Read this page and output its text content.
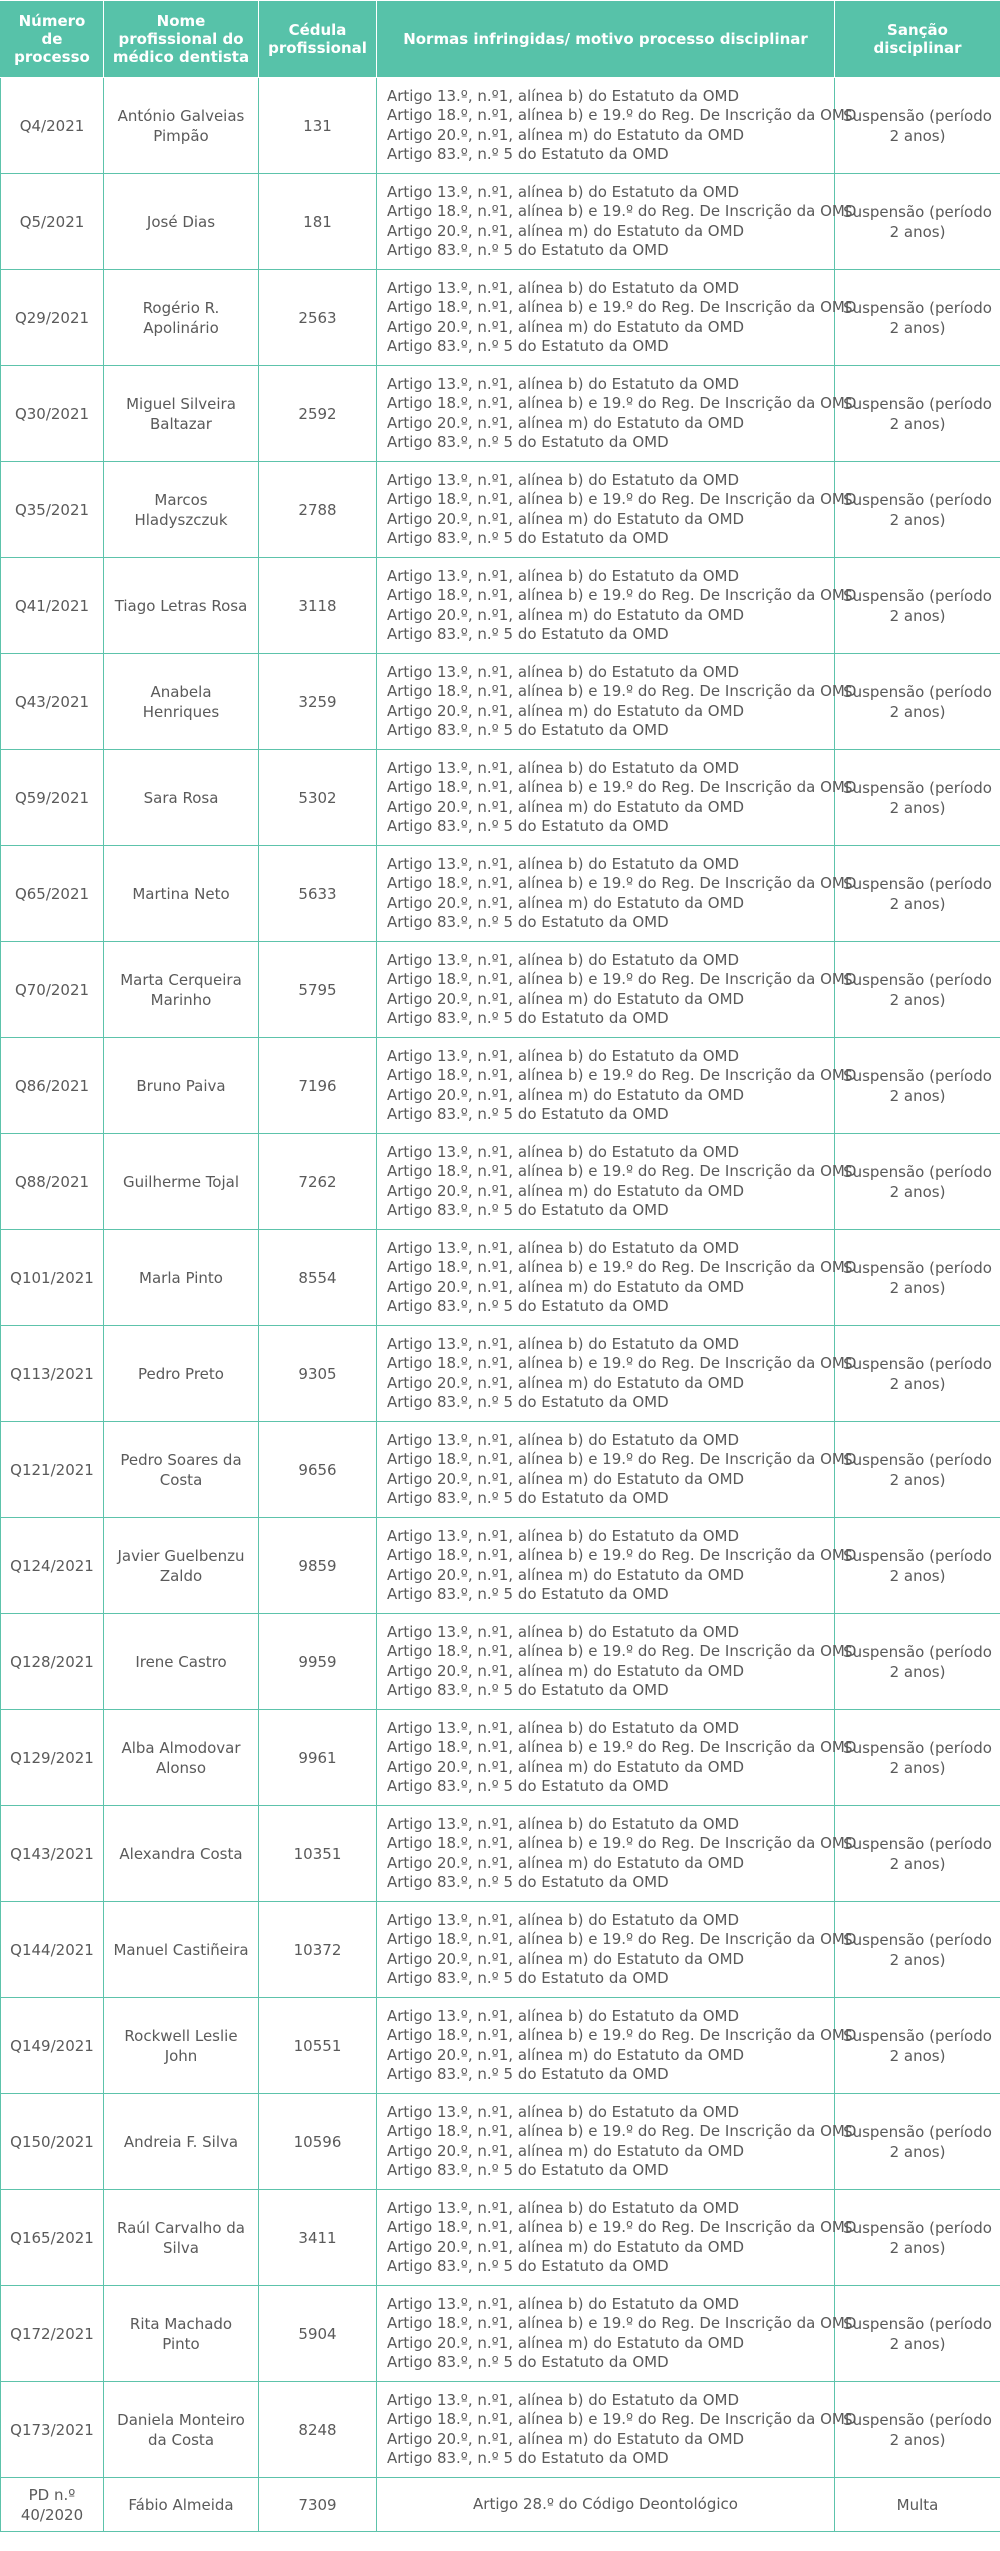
Número de processo	Nome profissional do médico dentista	Cédula profissional	Normas infringidas/ motivo processo disciplinar	Sanção disciplinar
Q4/2021	António Galveias Pimpão	131	Artigo 13.º, n.º1, alínea b) do Estatuto da OMD
Artigo 18.º, n.º1, alínea b) e 19.º do Reg. De Inscrição da OMD
Artigo 20.º, n.º1, alínea m) do Estatuto da OMD
Artigo 83.º, n.º 5 do Estatuto da OMD	Suspensão (período 2 anos)
Q5/2021	José Dias	181	Artigo 13.º, n.º1, alínea b) do Estatuto da OMD
Artigo 18.º, n.º1, alínea b) e 19.º do Reg. De Inscrição da OMD
Artigo 20.º, n.º1, alínea m) do Estatuto da OMD
Artigo 83.º, n.º 5 do Estatuto da OMD	Suspensão (período 2 anos)
Q29/2021	Rogério R. Apolinário	2563	Artigo 13.º, n.º1, alínea b) do Estatuto da OMD
Artigo 18.º, n.º1, alínea b) e 19.º do Reg. De Inscrição da OMD
Artigo 20.º, n.º1, alínea m) do Estatuto da OMD
Artigo 83.º, n.º 5 do Estatuto da OMD	Suspensão (período 2 anos)
Q30/2021	Miguel Silveira Baltazar	2592	Artigo 13.º, n.º1, alínea b) do Estatuto da OMD
Artigo 18.º, n.º1, alínea b) e 19.º do Reg. De Inscrição da OMD
Artigo 20.º, n.º1, alínea m) do Estatuto da OMD
Artigo 83.º, n.º 5 do Estatuto da OMD	Suspensão (período 2 anos)
Q35/2021	Marcos Hladyszczuk	2788	Artigo 13.º, n.º1, alínea b) do Estatuto da OMD
Artigo 18.º, n.º1, alínea b) e 19.º do Reg. De Inscrição da OMD
Artigo 20.º, n.º1, alínea m) do Estatuto da OMD
Artigo 83.º, n.º 5 do Estatuto da OMD	Suspensão (período 2 anos)
Q41/2021	Tiago Letras Rosa	3118	Artigo 13.º, n.º1, alínea b) do Estatuto da OMD
Artigo 18.º, n.º1, alínea b) e 19.º do Reg. De Inscrição da OMD
Artigo 20.º, n.º1, alínea m) do Estatuto da OMD
Artigo 83.º, n.º 5 do Estatuto da OMD	Suspensão (período 2 anos)
Q43/2021	Anabela Henriques	3259	Artigo 13.º, n.º1, alínea b) do Estatuto da OMD
Artigo 18.º, n.º1, alínea b) e 19.º do Reg. De Inscrição da OMD
Artigo 20.º, n.º1, alínea m) do Estatuto da OMD
Artigo 83.º, n.º 5 do Estatuto da OMD	Suspensão (período 2 anos)
Q59/2021	Sara Rosa	5302	Artigo 13.º, n.º1, alínea b) do Estatuto da OMD
Artigo 18.º, n.º1, alínea b) e 19.º do Reg. De Inscrição da OMD
Artigo 20.º, n.º1, alínea m) do Estatuto da OMD
Artigo 83.º, n.º 5 do Estatuto da OMD	Suspensão (período 2 anos)
Q65/2021	Martina Neto	5633	Artigo 13.º, n.º1, alínea b) do Estatuto da OMD
Artigo 18.º, n.º1, alínea b) e 19.º do Reg. De Inscrição da OMD
Artigo 20.º, n.º1, alínea m) do Estatuto da OMD
Artigo 83.º, n.º 5 do Estatuto da OMD	Suspensão (período 2 anos)
Q70/2021	Marta Cerqueira Marinho	5795	Artigo 13.º, n.º1, alínea b) do Estatuto da OMD
Artigo 18.º, n.º1, alínea b) e 19.º do Reg. De Inscrição da OMD
Artigo 20.º, n.º1, alínea m) do Estatuto da OMD
Artigo 83.º, n.º 5 do Estatuto da OMD	Suspensão (período 2 anos)
Q86/2021	Bruno Paiva	7196	Artigo 13.º, n.º1, alínea b) do Estatuto da OMD
Artigo 18.º, n.º1, alínea b) e 19.º do Reg. De Inscrição da OMD
Artigo 20.º, n.º1, alínea m) do Estatuto da OMD
Artigo 83.º, n.º 5 do Estatuto da OMD	Suspensão (período 2 anos)
Q88/2021	Guilherme Tojal	7262	Artigo 13.º, n.º1, alínea b) do Estatuto da OMD
Artigo 18.º, n.º1, alínea b) e 19.º do Reg. De Inscrição da OMD
Artigo 20.º, n.º1, alínea m) do Estatuto da OMD
Artigo 83.º, n.º 5 do Estatuto da OMD	Suspensão (período 2 anos)
Q101/2021	Marla Pinto	8554	Artigo 13.º, n.º1, alínea b) do Estatuto da OMD
Artigo 18.º, n.º1, alínea b) e 19.º do Reg. De Inscrição da OMD
Artigo 20.º, n.º1, alínea m) do Estatuto da OMD
Artigo 83.º, n.º 5 do Estatuto da OMD	Suspensão (período 2 anos)
Q113/2021	Pedro Preto	9305	Artigo 13.º, n.º1, alínea b) do Estatuto da OMD
Artigo 18.º, n.º1, alínea b) e 19.º do Reg. De Inscrição da OMD
Artigo 20.º, n.º1, alínea m) do Estatuto da OMD
Artigo 83.º, n.º 5 do Estatuto da OMD	Suspensão (período 2 anos)
Q121/2021	Pedro Soares da Costa	9656	Artigo 13.º, n.º1, alínea b) do Estatuto da OMD
Artigo 18.º, n.º1, alínea b) e 19.º do Reg. De Inscrição da OMD
Artigo 20.º, n.º1, alínea m) do Estatuto da OMD
Artigo 83.º, n.º 5 do Estatuto da OMD	Suspensão (período 2 anos)
Q124/2021	Javier Guelbenzu Zaldo	9859	Artigo 13.º, n.º1, alínea b) do Estatuto da OMD
Artigo 18.º, n.º1, alínea b) e 19.º do Reg. De Inscrição da OMD
Artigo 20.º, n.º1, alínea m) do Estatuto da OMD
Artigo 83.º, n.º 5 do Estatuto da OMD	Suspensão (período 2 anos)
Q128/2021	Irene Castro	9959	Artigo 13.º, n.º1, alínea b) do Estatuto da OMD
Artigo 18.º, n.º1, alínea b) e 19.º do Reg. De Inscrição da OMD
Artigo 20.º, n.º1, alínea m) do Estatuto da OMD
Artigo 83.º, n.º 5 do Estatuto da OMD	Suspensão (período 2 anos)
Q129/2021	Alba Almodovar Alonso	9961	Artigo 13.º, n.º1, alínea b) do Estatuto da OMD
Artigo 18.º, n.º1, alínea b) e 19.º do Reg. De Inscrição da OMD
Artigo 20.º, n.º1, alínea m) do Estatuto da OMD
Artigo 83.º, n.º 5 do Estatuto da OMD	Suspensão (período 2 anos)
Q143/2021	Alexandra Costa	10351	Artigo 13.º, n.º1, alínea b) do Estatuto da OMD
Artigo 18.º, n.º1, alínea b) e 19.º do Reg. De Inscrição da OMD
Artigo 20.º, n.º1, alínea m) do Estatuto da OMD
Artigo 83.º, n.º 5 do Estatuto da OMD	Suspensão (período 2 anos)
Q144/2021	Manuel Castiñeira	10372	Artigo 13.º, n.º1, alínea b) do Estatuto da OMD
Artigo 18.º, n.º1, alínea b) e 19.º do Reg. De Inscrição da OMD
Artigo 20.º, n.º1, alínea m) do Estatuto da OMD
Artigo 83.º, n.º 5 do Estatuto da OMD	Suspensão (período 2 anos)
Q149/2021	Rockwell Leslie John	10551	Artigo 13.º, n.º1, alínea b) do Estatuto da OMD
Artigo 18.º, n.º1, alínea b) e 19.º do Reg. De Inscrição da OMD
Artigo 20.º, n.º1, alínea m) do Estatuto da OMD
Artigo 83.º, n.º 5 do Estatuto da OMD	Suspensão (período 2 anos)
Q150/2021	Andreia F. Silva	10596	Artigo 13.º, n.º1, alínea b) do Estatuto da OMD
Artigo 18.º, n.º1, alínea b) e 19.º do Reg. De Inscrição da OMD
Artigo 20.º, n.º1, alínea m) do Estatuto da OMD
Artigo 83.º, n.º 5 do Estatuto da OMD	Suspensão (período 2 anos)
Q165/2021	Raúl Carvalho da Silva	3411	Artigo 13.º, n.º1, alínea b) do Estatuto da OMD
Artigo 18.º, n.º1, alínea b) e 19.º do Reg. De Inscrição da OMD
Artigo 20.º, n.º1, alínea m) do Estatuto da OMD
Artigo 83.º, n.º 5 do Estatuto da OMD	Suspensão (período 2 anos)
Q172/2021	Rita Machado Pinto	5904	Artigo 13.º, n.º1, alínea b) do Estatuto da OMD
Artigo 18.º, n.º1, alínea b) e 19.º do Reg. De Inscrição da OMD
Artigo 20.º, n.º1, alínea m) do Estatuto da OMD
Artigo 83.º, n.º 5 do Estatuto da OMD	Suspensão (período 2 anos)
Q173/2021	Daniela Monteiro da Costa	8248	Artigo 13.º, n.º1, alínea b) do Estatuto da OMD
Artigo 18.º, n.º1, alínea b) e 19.º do Reg. De Inscrição da OMD
Artigo 20.º, n.º1, alínea m) do Estatuto da OMD
Artigo 83.º, n.º 5 do Estatuto da OMD	Suspensão (período 2 anos)
PD n.º 40/2020	Fábio Almeida	7309	Artigo 28.º do Código Deontológico	Multa
